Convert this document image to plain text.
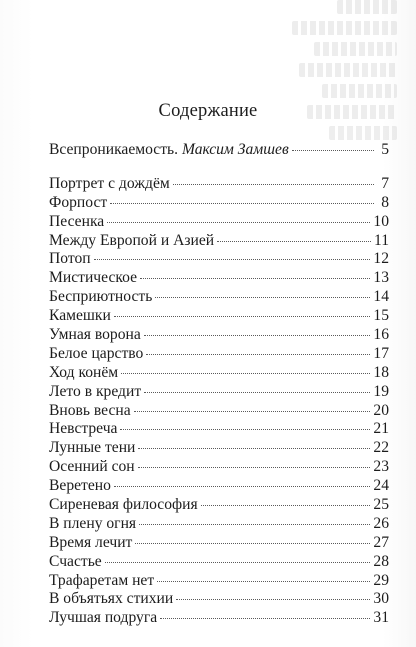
Содержание
Всепроникаемость. Максим Замшев	5
Портрет с дождём	7
Форпост	8
Песенка	10
Между Европой и Азией	11
Потоп	12
Мистическое	13
Бесприютность	14
Камешки	15
Умная ворона	16
Белое царство	17
Ход конём	18
Лето в кредит	19
Вновь весна	20
Невстреча	21
Лунные тени	22
Осенний сон	23
Веретено	24
Сиреневая философия	25
В плену огня	26
Время лечит	27
Счастье	28
Трафаретам нет	29
В объятьях стихии	30
Лучшая подруга	31
